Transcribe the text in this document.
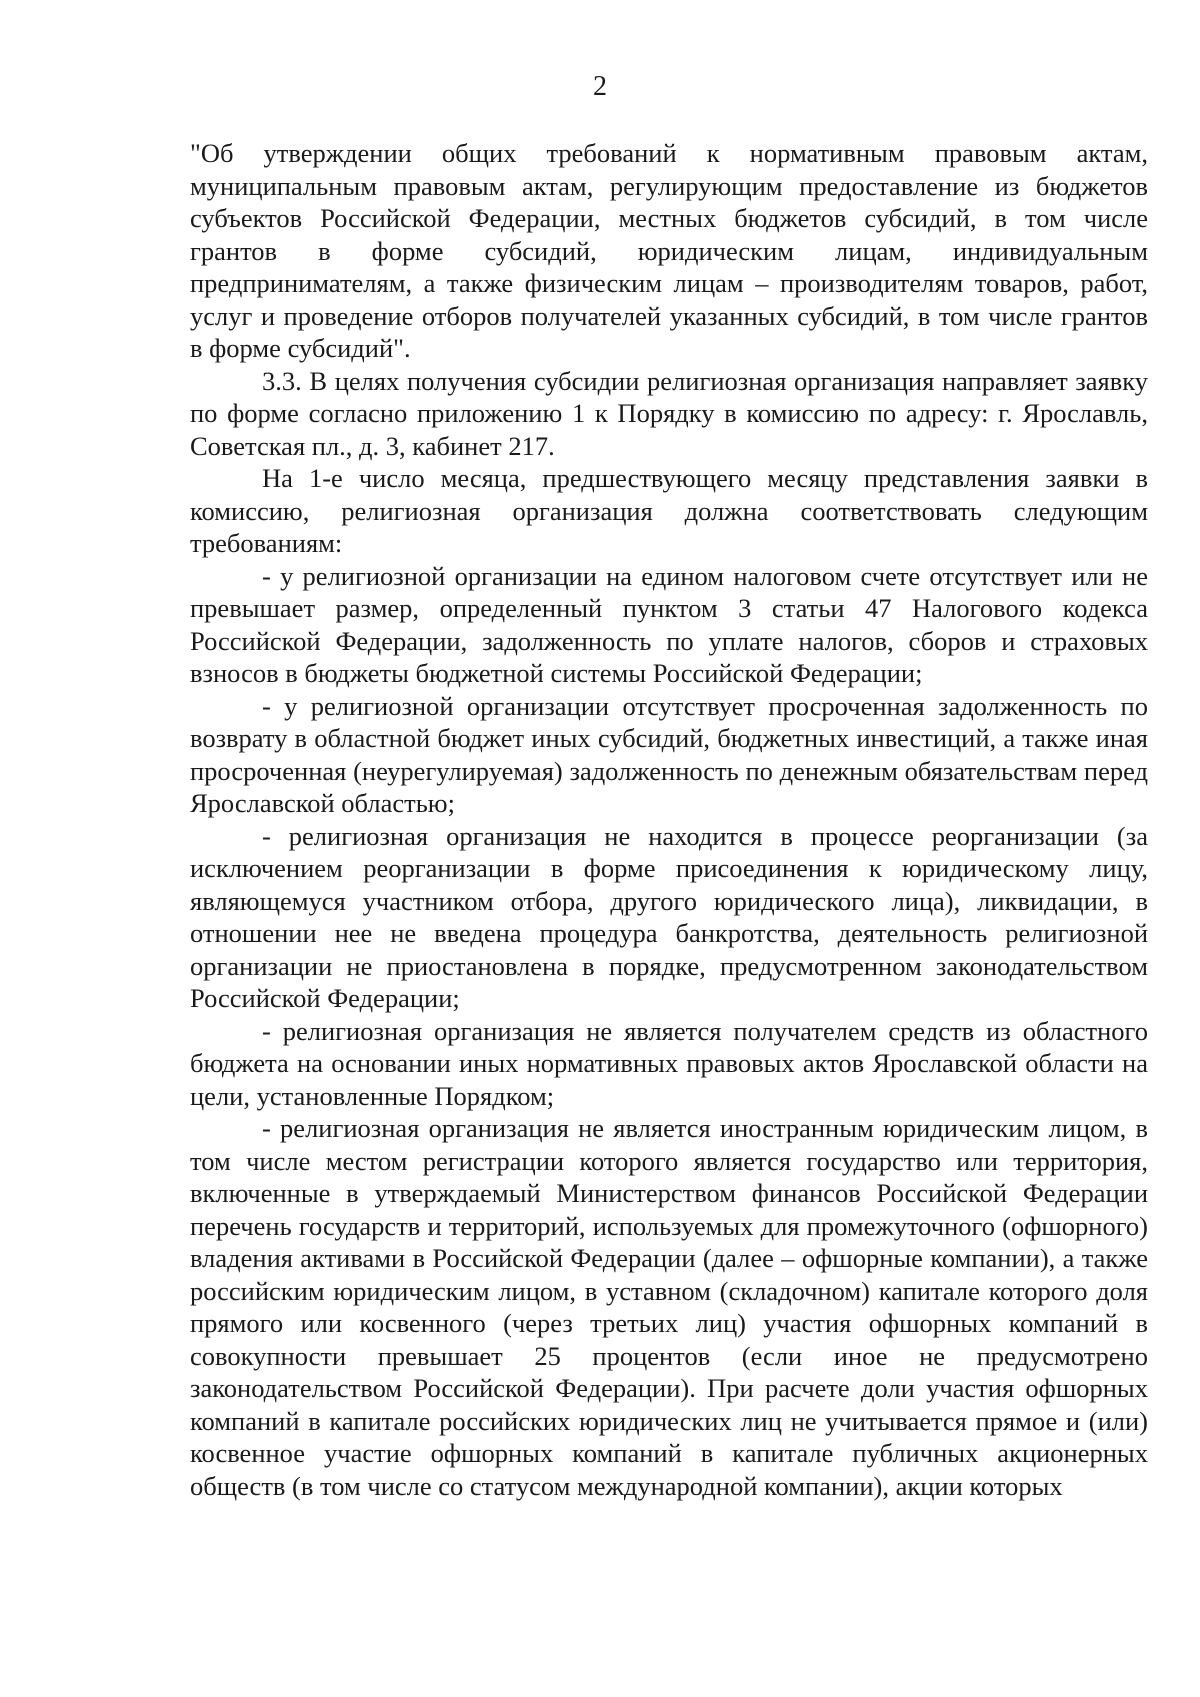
2

"Об утверждении общих требований к нормативным правовым актам, муниципальным правовым актам, регулирующим предоставление из бюджетов субъектов Российской Федерации, местных бюджетов субсидий, в том числе грантов в форме субсидий, юридическим лицам, индивидуальным предпринимателям, а также физическим лицам – производителям товаров, работ, услуг и проведение отборов получателей указанных субсидий, в том числе грантов в форме субсидий".

3.3. В целях получения субсидии религиозная организация направляет заявку по форме согласно приложению 1 к Порядку в комиссию по адресу: г. Ярославль, Советская пл., д. 3, кабинет 217.

На 1-е число месяца, предшествующего месяцу представления заявки в комиссию, религиозная организация должна соответствовать следующим требованиям:

- у религиозной организации на едином налоговом счете отсутствует или не превышает размер, определенный пунктом 3 статьи 47 Налогового кодекса Российской Федерации, задолженность по уплате налогов, сборов и страховых взносов в бюджеты бюджетной системы Российской Федерации;

- у религиозной организации отсутствует просроченная задолженность по возврату в областной бюджет иных субсидий, бюджетных инвестиций, а также иная просроченная (неурегулируемая) задолженность по денежным обязательствам перед Ярославской областью;

- религиозная организация не находится в процессе реорганизации (за исключением реорганизации в форме присоединения к юридическому лицу, являющемуся участником отбора, другого юридического лица), ликвидации, в отношении нее не введена процедура банкротства, деятельность религиозной организации не приостановлена в порядке, предусмотренном законодательством Российской Федерации;

- религиозная организация не является получателем средств из областного бюджета на основании иных нормативных правовых актов Ярославской области на цели, установленные Порядком;

- религиозная организация не является иностранным юридическим лицом, в том числе местом регистрации которого является государство или территория, включенные в утверждаемый Министерством финансов Российской Федерации перечень государств и территорий, используемых для промежуточного (офшорного) владения активами в Российской Федерации (далее – офшорные компании), а также российским юридическим лицом, в уставном (складочном) капитале которого доля прямого или косвенного (через третьих лиц) участия офшорных компаний в совокупности превышает 25 процентов (если иное не предусмотрено законодательством Российской Федерации). При расчете доли участия офшорных компаний в капитале российских юридических лиц не учитывается прямое и (или) косвенное участие офшорных компаний в капитале публичных акционерных обществ (в том числе со статусом международной компании), акции которых
